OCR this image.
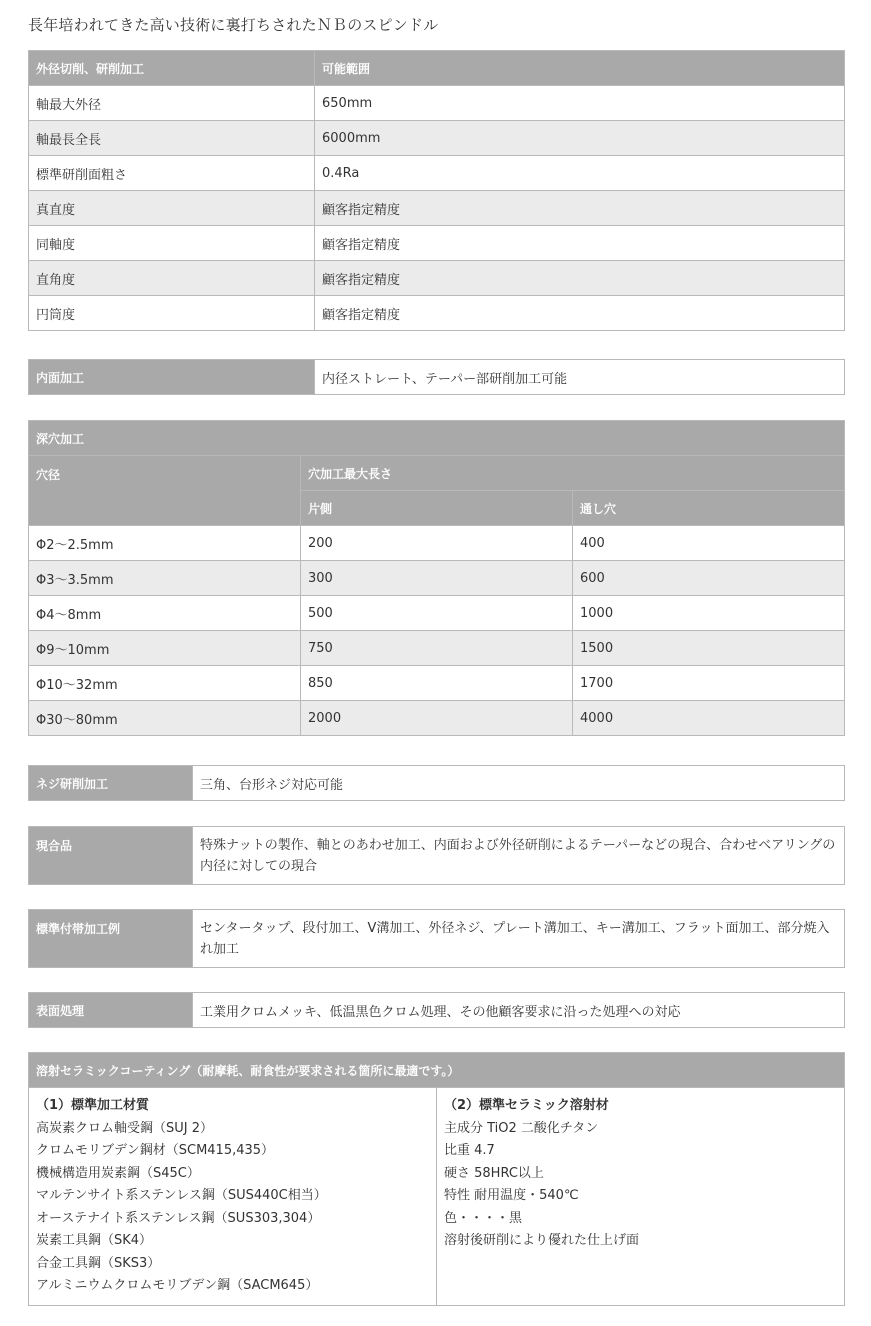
長年培われてきた高い技術に裏打ちされたＮＢのスピンドル
外径切削、研削加工	可能範囲
軸最大外径	650mm
軸最長全長	6000mm
標準研削面粗さ	0.4Ra
真直度	顧客指定精度
同軸度	顧客指定精度
直角度	顧客指定精度
円筒度	顧客指定精度
内面加工	内径ストレート、テーパー部研削加工可能
深穴加工		
穴径	穴加工最大長さ	
	片側	通し穴
Φ2～2.5mm	200	400
Φ3～3.5mm	300	600
Φ4～8mm	500	1000
Φ9～10mm	750	1500
Φ10～32mm	850	1700
Φ30～80mm	2000	4000
ネジ研削加工	三角、台形ネジ対応可能
現合品	特殊ナットの製作、軸とのあわせ加工、内面および外径研削によるテーパーなどの現合、合わせベアリングの内径に対しての現合
標準付帯加工例	センタータップ、段付加工、V溝加工、外径ネジ、プレート溝加工、キー溝加工、フラット面加工、部分焼入れ加工
表面処理	工業用クロムメッキ、低温黒色クロム処理、その他顧客要求に沿った処理への対応
溶射セラミックコーティング（耐摩耗、耐食性が要求される箇所に最適です。）

（1）標準加工材質
高炭素クロム軸受鋼（SUJ 2）
クロムモリブデン鋼材（SCM415,435）
機械構造用炭素鋼（S45C）
マルテンサイト系ステンレス鋼（SUS440C相当）
オーステナイト系ステンレス鋼（SUS303,304）
炭素工具鋼（SK4）
合金工具鋼（SKS3）
アルミニウムクロムモリブデン鋼（SACM645）

（2）標準セラミック溶射材
主成分 TiO2 二酸化チタン
比重 4.7
硬さ 58HRC以上
特性 耐用温度・540℃
色・・・・黒
溶射後研削により優れた仕上げ面
